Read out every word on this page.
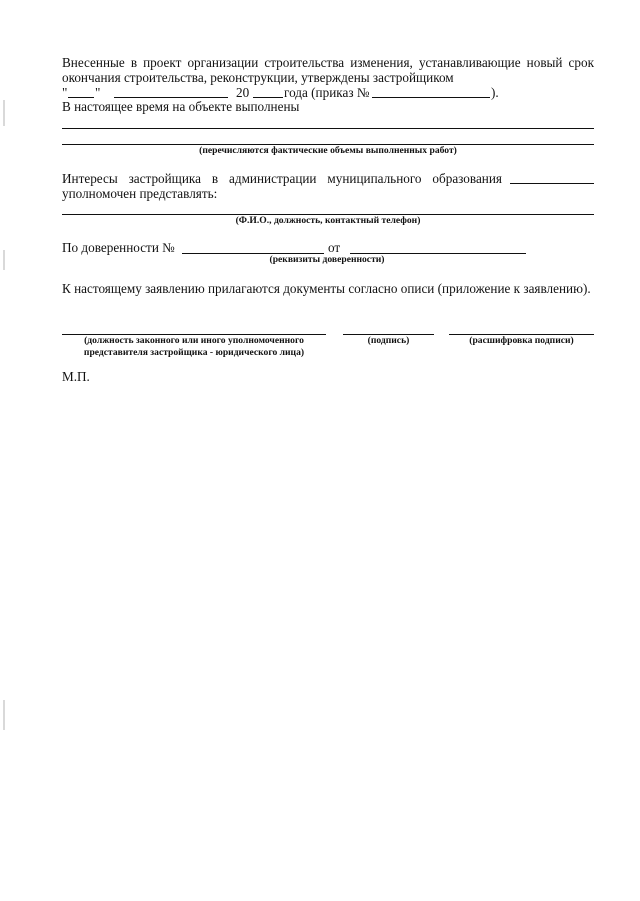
Внесенные в проект организации строительства изменения, устанавливающие новый срок
окончания строительства, реконструкции, утверждены застройщиком
" "	20	года (приказ №	).
В настоящее время на объекте выполнены
(перечисляются фактические объемы выполненных работ)
Интересы застройщика в администрации муниципального образования
уполномочен представлять:
(Ф.И.О., должность, контактный телефон)
По доверенности №	от
(реквизиты доверенности)
К настоящему заявлению прилагаются документы согласно описи (приложение к заявлению).
(должность законного или иного уполномоченного
представителя застройщика - юридического лица)
(подпись)	(расшифровка подписи)
М.П.
